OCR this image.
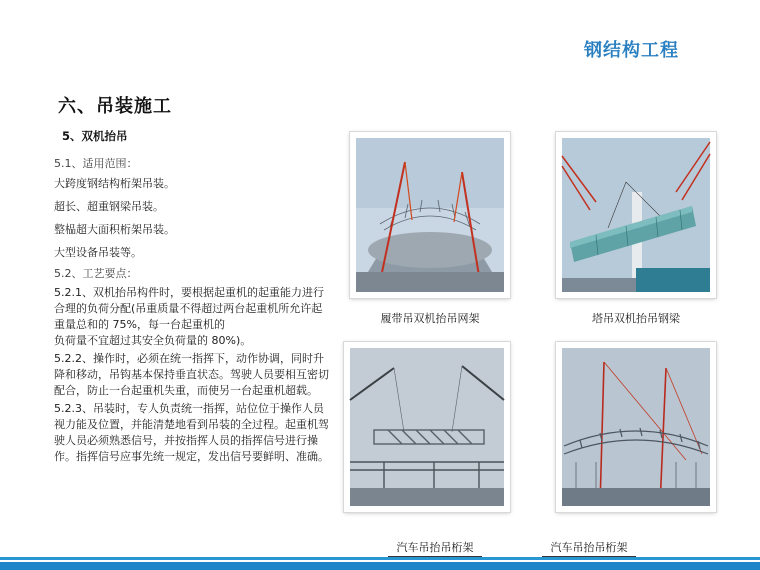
钢结构工程
六、吊装施工
5、双机抬吊

5.1、适用范围：

大跨度钢结构桁架吊装。

超长、超重钢梁吊装。

整榀超大面积桁架吊装。

大型设备吊装等。

5.2、工艺要点：

5.2.1、双机抬吊构件时，要根据起重机的起重能力进行合理的负荷分配(吊重质量不得超过两台起重机所允许起重量总和的 75%，每一台起重机的
负荷量不宜超过其安全负荷量的 80%)。

5.2.2、操作时，必须在统一指挥下，动作协调，同时升降和移动，吊钩基本保持垂直状态。驾驶人员要相互密切配合，防止一台起重机失重，而使另一台起重机超载。

5.2.3、吊装时，专人负责统一指挥，站位位于操作人员视力能及位置，并能清楚地看到吊装的全过程。起重机驾驶人员必须熟悉信号，并按指挥人员的指挥信号进行操作。指挥信号应事先统一规定，发出信号要鲜明、准确。

履带吊双机抬吊网架	塔吊双机抬吊钢梁
汽车吊抬吊桁架	汽车吊抬吊桁架
